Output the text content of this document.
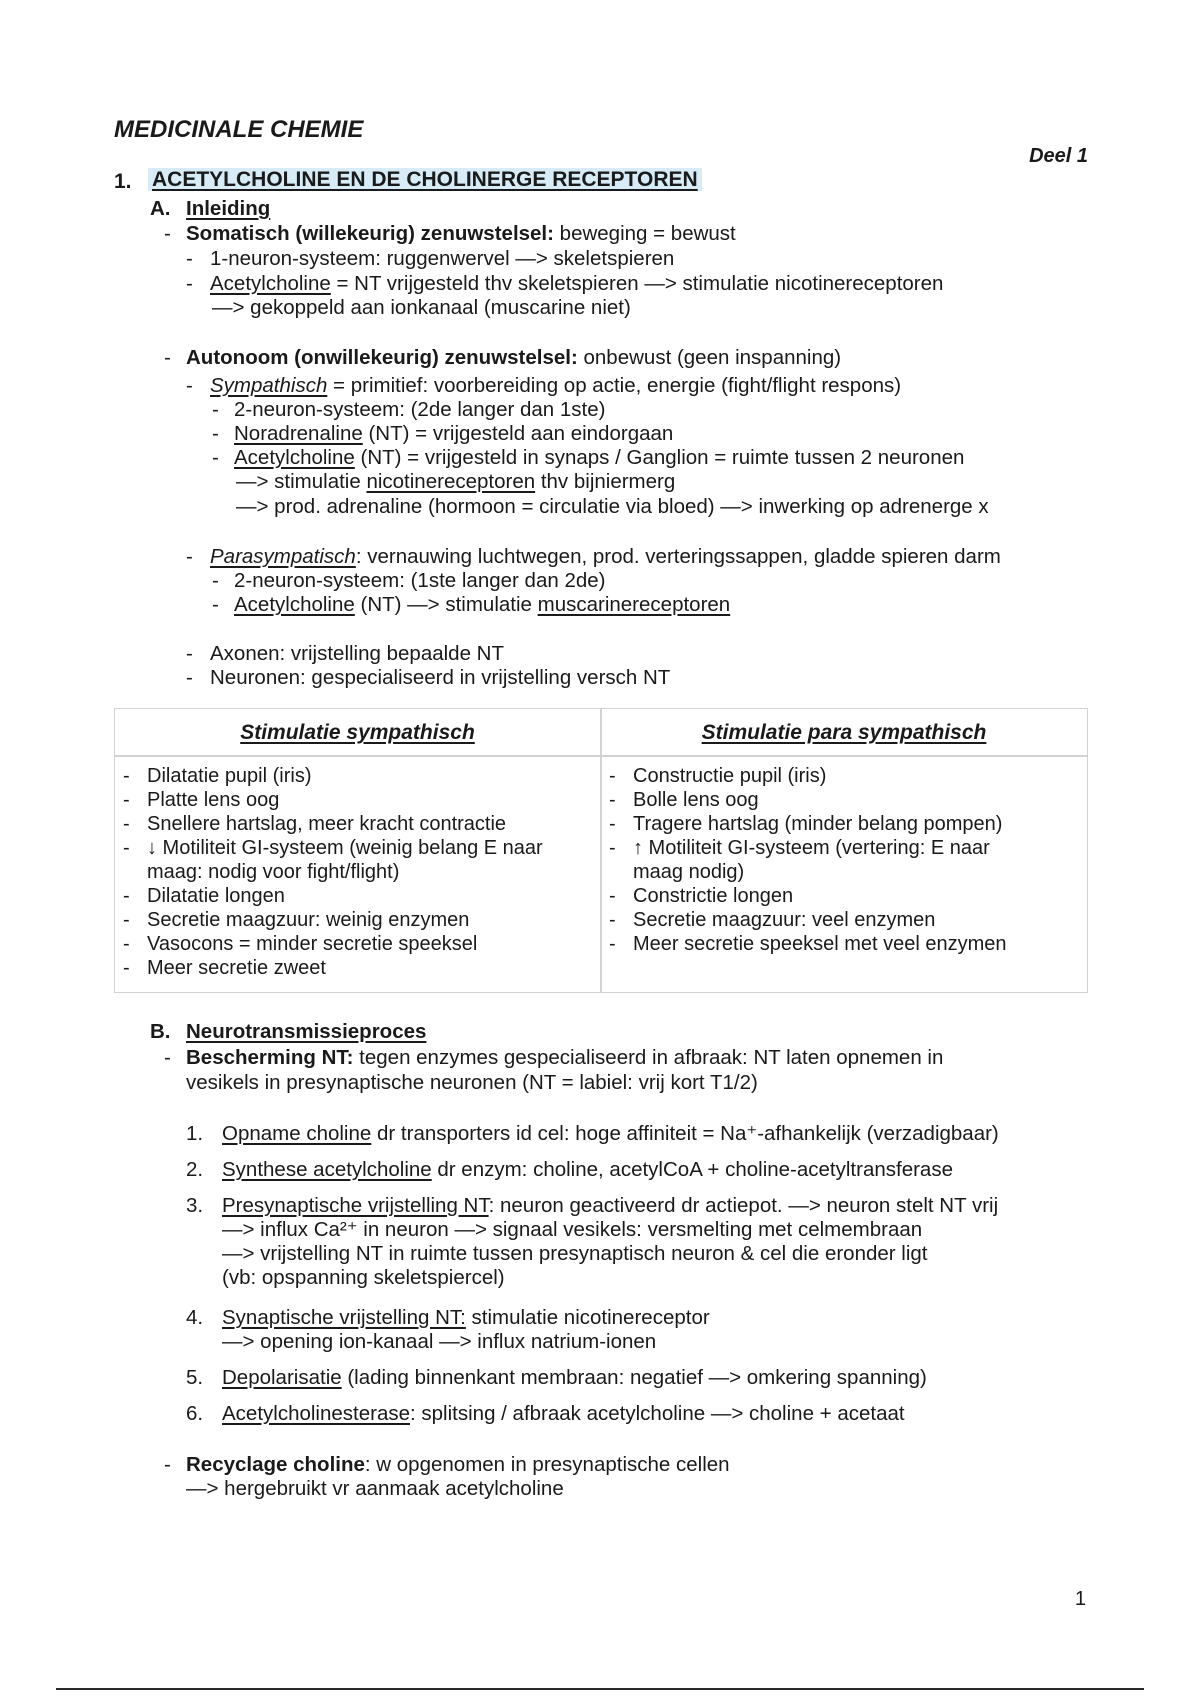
MEDICINALE CHEMIE
Deel 1
1. ACETYLCHOLINE EN DE CHOLINERGE RECEPTOREN
A. Inleiding
- Somatisch (willekeurig) zenuwstelsel: beweging = bewust
- 1-neuron-systeem: ruggenwervel —> skeletspieren
- Acetylcholine = NT vrijgesteld thv skeletspieren —> stimulatie nicotinereceptoren
—> gekoppeld aan ionkanaal (muscarine niet)
- Autonoom (onwillekeurig) zenuwstelsel: onbewust (geen inspanning)
- Sympathisch = primitief: voorbereiding op actie, energie (fight/flight respons)
- 2-neuron-systeem: (2de langer dan 1ste)
- Noradrenaline (NT) = vrijgesteld aan eindorgaan
- Acetylcholine (NT) = vrijgesteld in synaps / Ganglion = ruimte tussen 2 neuronen
—> stimulatie nicotinereceptoren thv bijniermerg
—> prod. adrenaline (hormoon = circulatie via bloed) —> inwerking op adrenerge x
- Parasympatisch: vernauwing luchtwegen, prod. verteringssappen, gladde spieren darm
- 2-neuron-systeem: (1ste langer dan 2de)
- Acetylcholine (NT) —> stimulatie muscarinereceptoren
- Axonen: vrijstelling bepaalde NT
- Neuronen: gespecialiseerd in vrijstelling versch NT
Stimulatie sympathisch	Stimulatie para sympathisch
- Dilatatie pupil (iris)
- Platte lens oog
- Snellere hartslag, meer kracht contractie
- ↓ Motiliteit GI-systeem (weinig belang E naar
maag: nodig voor fight/flight)
- Dilatatie longen
- Secretie maagzuur: weinig enzymen
- Vasocons = minder secretie speeksel
- Meer secretie zweet
- Constructie pupil (iris)
- Bolle lens oog
- Tragere hartslag (minder belang pompen)
- ↑ Motiliteit GI-systeem (vertering: E naar
maag nodig)
- Constrictie longen
- Secretie maagzuur: veel enzymen
- Meer secretie speeksel met veel enzymen
B. Neurotransmissieproces
- Bescherming NT: tegen enzymes gespecialiseerd in afbraak: NT laten opnemen in
vesikels in presynaptische neuronen (NT = labiel: vrij kort T1/2)
1. Opname choline dr transporters id cel: hoge affiniteit = Na⁺-afhankelijk (verzadigbaar)
2. Synthese acetylcholine dr enzym: choline, acetylCoA + choline-acetyltransferase
3. Presynaptische vrijstelling NT: neuron geactiveerd dr actiepot. —> neuron stelt NT vrij
—> influx Ca²⁺ in neuron —> signaal vesikels: versmelting met celmembraan
—> vrijstelling NT in ruimte tussen presynaptisch neuron & cel die eronder ligt
(vb: opspanning skeletspiercel)
4. Synaptische vrijstelling NT: stimulatie nicotinereceptor
—> opening ion-kanaal —> influx natrium-ionen
5. Depolarisatie (lading binnenkant membraan: negatief —> omkering spanning)
6. Acetylcholinesterase: splitsing / afbraak acetylcholine —> choline + acetaat
- Recyclage choline: w opgenomen in presynaptische cellen
—> hergebruikt vr aanmaak acetylcholine
1
